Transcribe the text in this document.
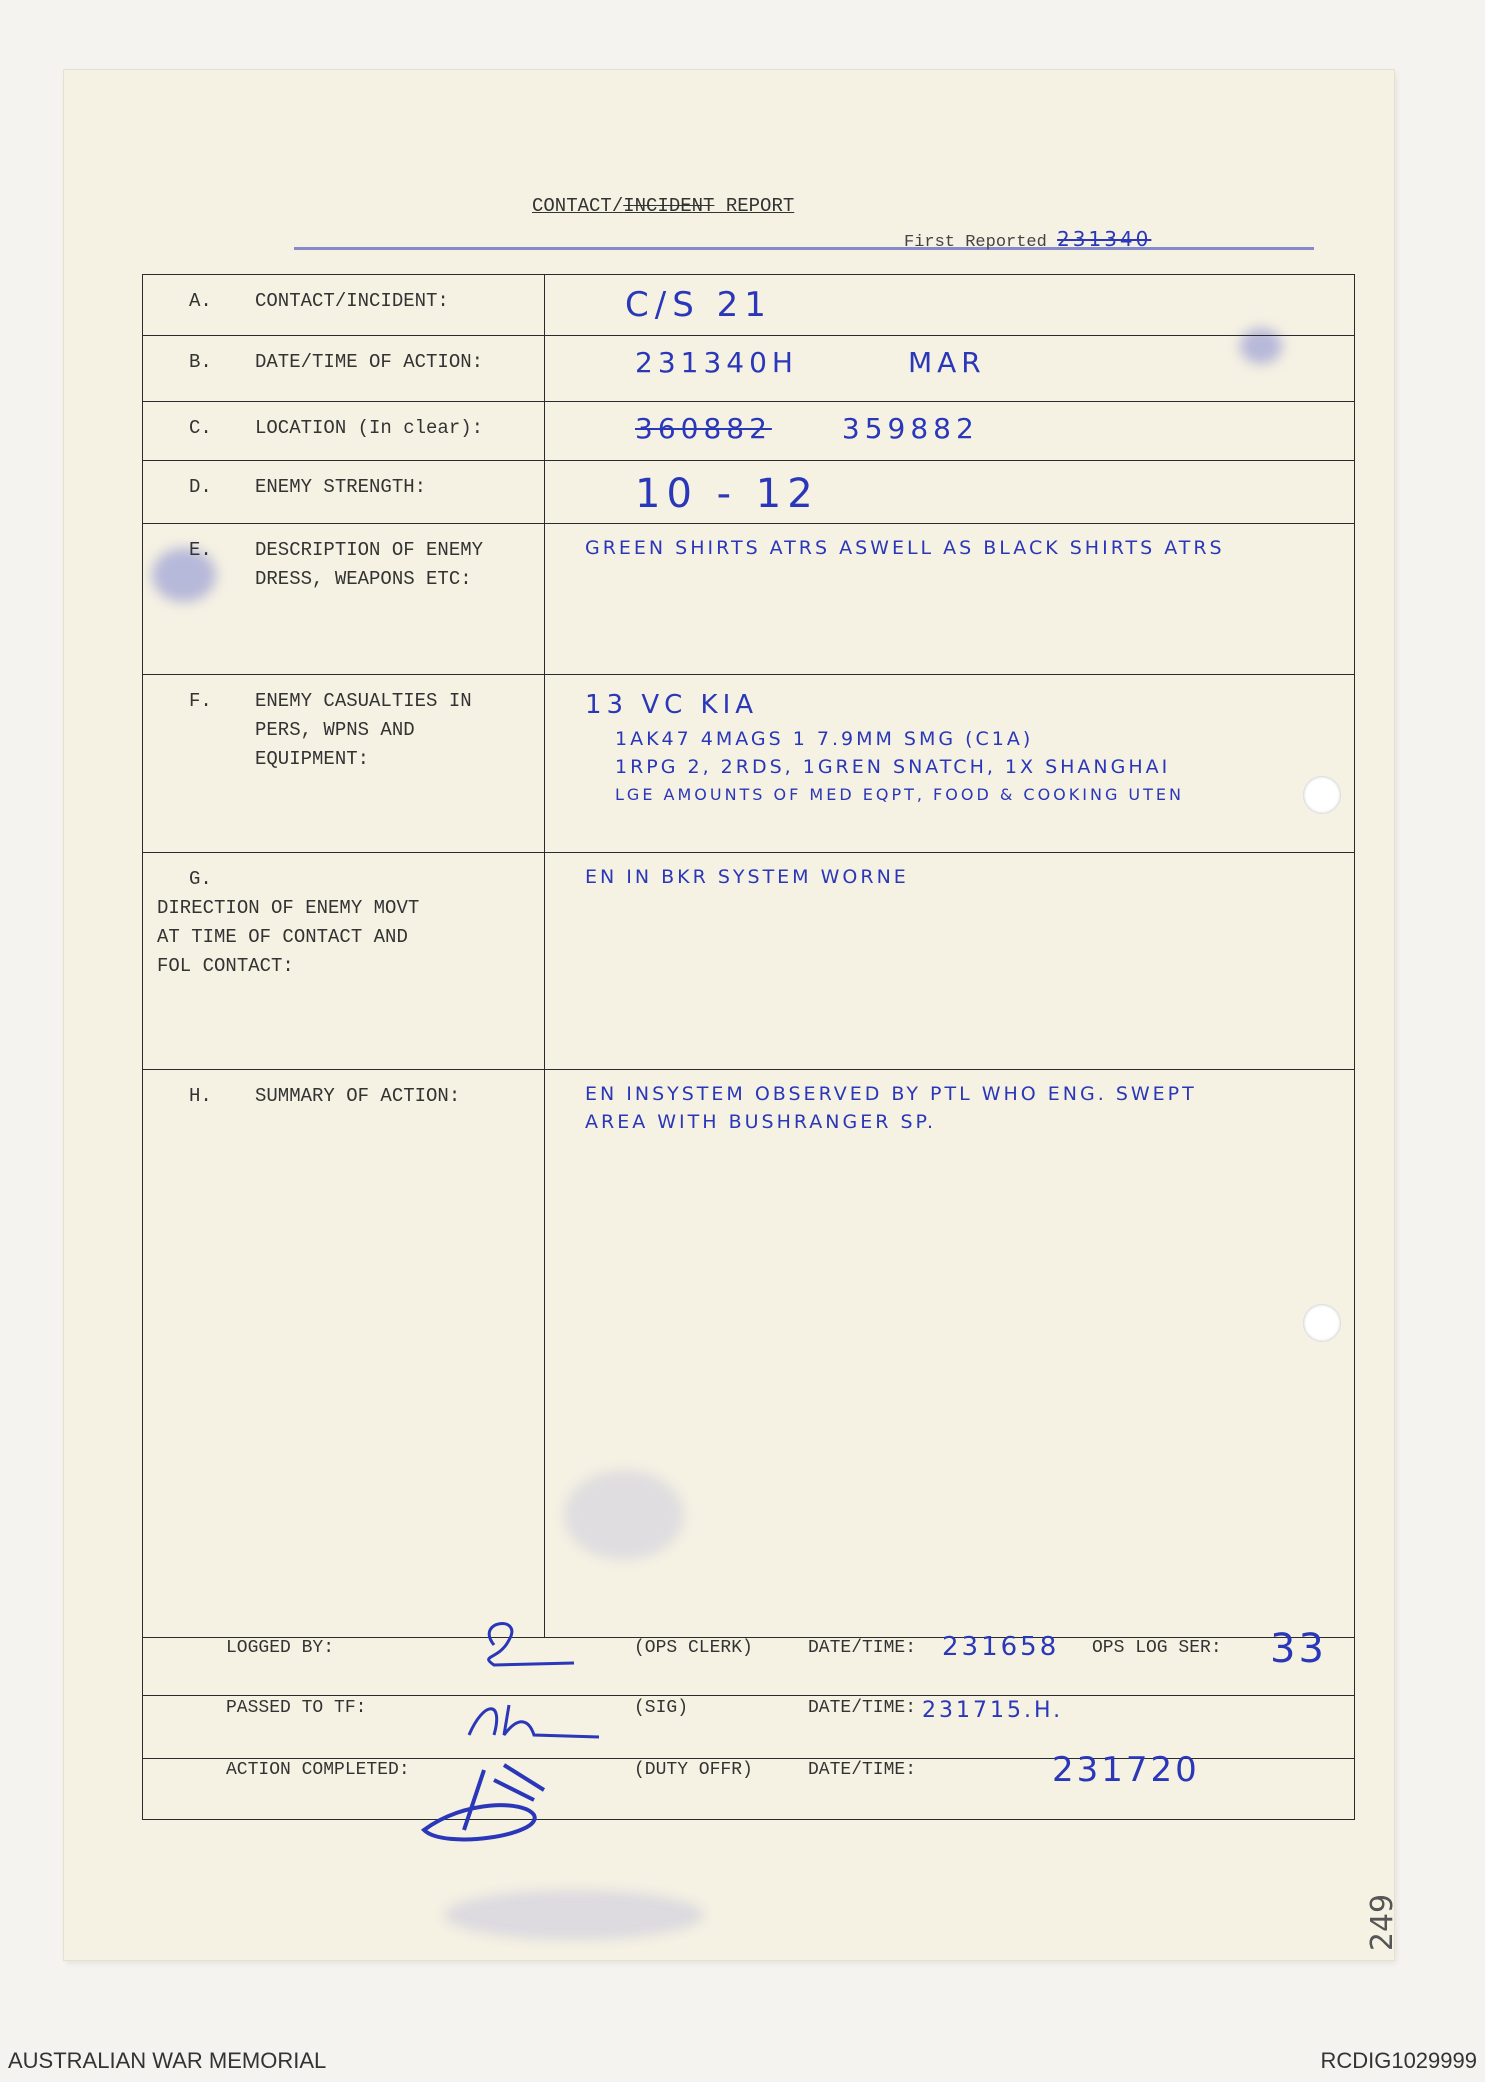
CONTACT/INCIDENT REPORT
First Reported 231340
A. CONTACT/INCIDENT:	C/S 21
B. DATE/TIME OF ACTION:	231340H MAR
C. LOCATION (In clear):	360882 359882
D. ENEMY STRENGTH:	10 - 12
E. DESCRIPTION OF ENEMY DRESS, WEAPONS ETC:	GREEN SHIRTS ATRS ASWELL AS BLACK SHIRTS ATRS

F. ENEMY CASUALTIES IN PERS, WPNS AND EQUIPMENT:	13 VC KIA
1AK47 4MAGS 1 7.9MM SMG (C1A)
1RPG 2, 2RDS, 1GREN SNATCH, 1X SHANGHAI
LGE AMOUNTS OF MED EQPT, FOOD & COOKING UTEN

G.DIRECTION OF ENEMY MOVT AT TIME OF CONTACT AND FOL CONTACT:	EN IN BKR SYSTEM WORNE

H. SUMMARY OF ACTION:	EN INSYSTEM OBSERVED BY PTL WHO ENG. SWEPT
AREA WITH BUSHRANGER SP.

LOGGED BY:	(OPS CLERK)	DATE/TIME: 231658 OPS LOG SER: 33
PASSED TO TF:	(SIG)	DATE/TIME: 231715.H.
ACTION COMPLETED:	(DUTY OFFR)	DATE/TIME:	231720
249
AUSTRALIAN WAR MEMORIAL	RCDIG1029999
